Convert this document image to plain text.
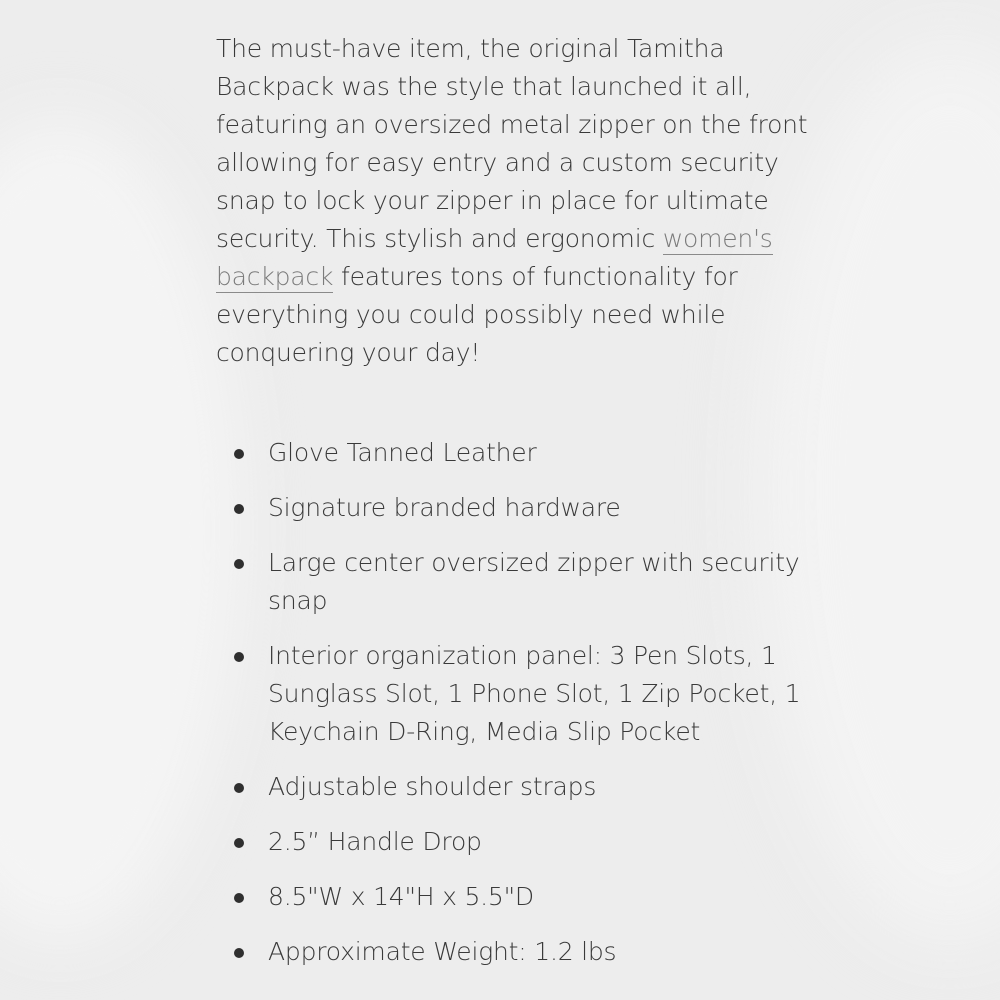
The must-have item, the original Tamitha Backpack was the style that launched it all, featuring an oversized metal zipper on the front allowing for easy entry and a custom security snap to lock your zipper in place for ultimate security. This stylish and ergonomic women's backpack features tons of functionality for everything you could possibly need while conquering your day!

Glove Tanned Leather
Signature branded hardware
Large center oversized zipper with security snap
Interior organization panel: 3 Pen Slots, 1 Sunglass Slot, 1 Phone Slot, 1 Zip Pocket, 1 Keychain D-Ring, Media Slip Pocket
Adjustable shoulder straps
2.5” Handle Drop
8.5"W x 14"H x 5.5"D
Approximate Weight: 1.2 lbs
